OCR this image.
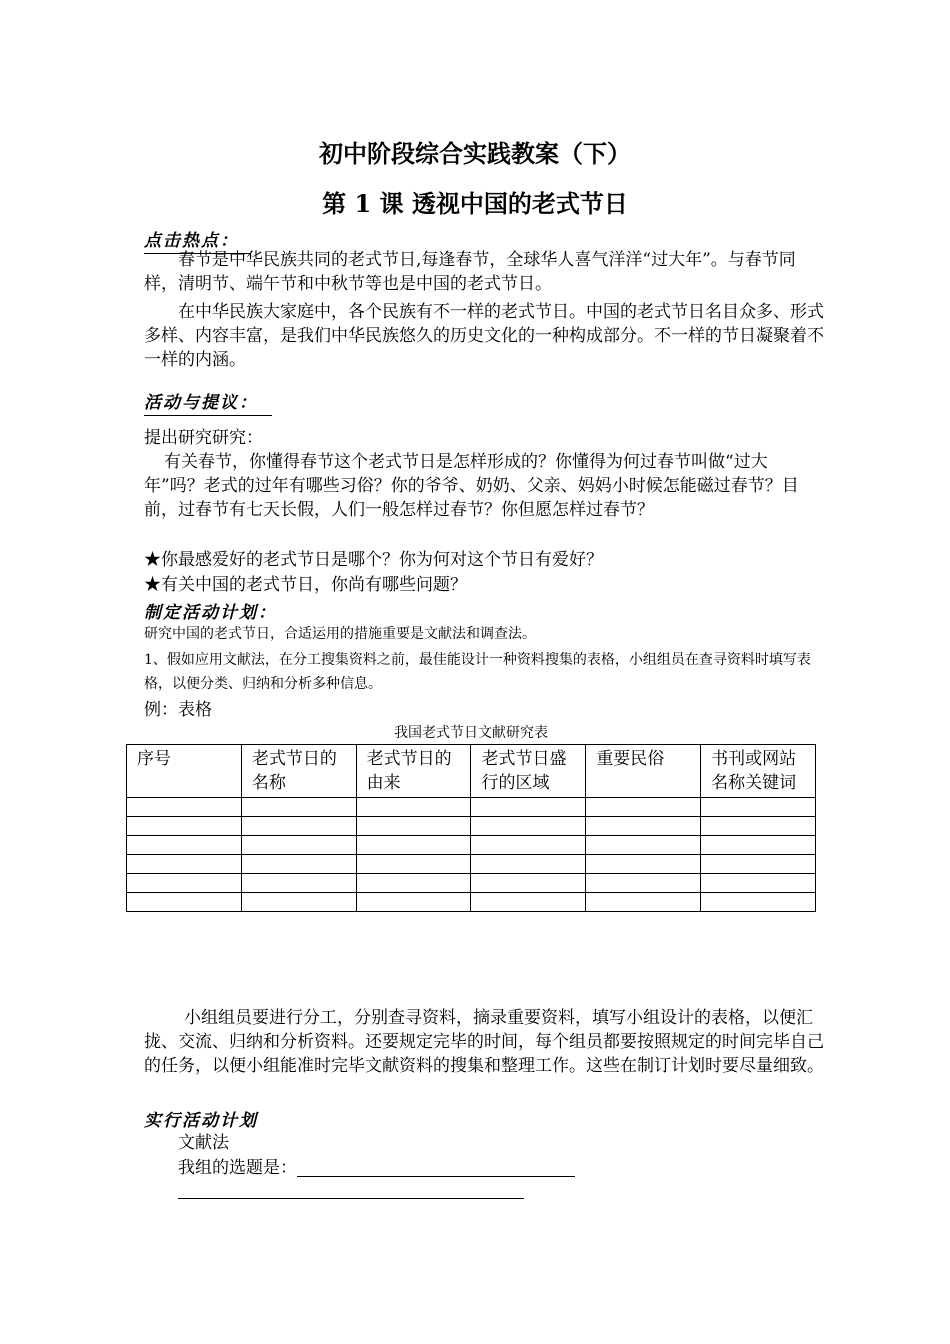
初中阶段综合实践教案（下）
第 1 课 透视中国的老式节日
点击热点：
春节是中华民族共同的老式节日,每逢春节，全球华人喜气洋洋“过大年”。与春节同样，清明节、端午节和中秋节等也是中国的老式节日。
在中华民族大家庭中，各个民族有不一样的老式节日。中国的老式节日名目众多、形式多样、内容丰富，是我们中华民族悠久的历史文化的一种构成部分。不一样的节日凝聚着不一样的内涵。
活动与提议：
提出研究研究：
有关春节，你懂得春节这个老式节日是怎样形成的？你懂得为何过春节叫做“过大年”吗？老式的过年有哪些习俗？你的爷爷、奶奶、父亲、妈妈小时候怎能磁过春节？目前，过春节有七天长假，人们一般怎样过春节？你但愿怎样过春节？
★你最感爱好的老式节日是哪个？你为何对这个节日有爱好？
★有关中国的老式节日，你尚有哪些问题？
制定活动计划：
研究中国的老式节日，合适运用的措施重要是文献法和调查法。
1、假如应用文献法，在分工搜集资料之前，最佳能设计一种资料搜集的表格，小组组员在查寻资料时填写表格，以便分类、归纳和分析多种信息。
例：表格
我国老式节日文献研究表
序号	老式节日的名称	老式节日的由来	老式节日盛行的区域	重要民俗	书刊或网站名称关键词

小组组员要进行分工，分别查寻资料，摘录重要资料，填写小组设计的表格，以便汇拢、交流、归纳和分析资料。还要规定完毕的时间，每个组员都要按照规定的时间完毕自己的任务，以便小组能准时完毕文献资料的搜集和整理工作。这些在制订计划时要尽量细致。
实行活动计划
文献法
我组的选题是：
